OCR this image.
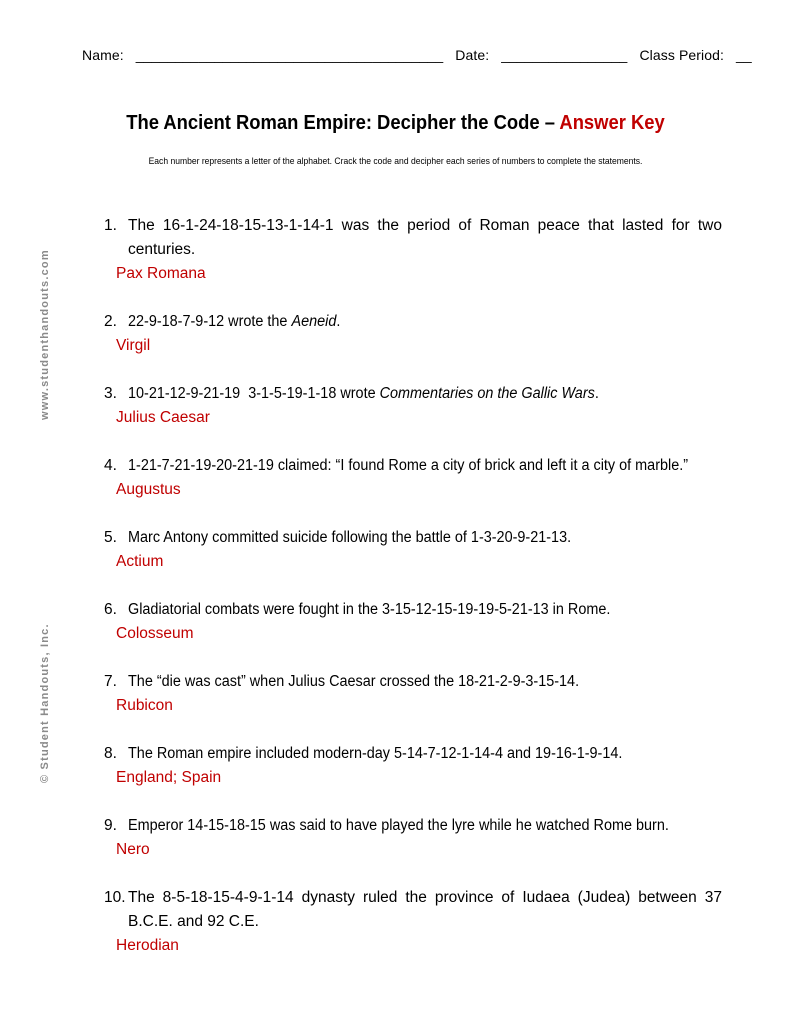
Name: _______________________________________ Date: ________________ Class Period: __
The Ancient Roman Empire: Decipher the Code – Answer Key
Each number represents a letter of the alphabet. Crack the code and decipher each series of numbers to complete the statements.
www.studenthandouts.com
© Student Handouts, Inc.
1. The 16-1-24-18-15-13-1-14-1 was the period of Roman peace that lasted for two centuries.
Pax Romana
2. 22-9-18-7-9-12 wrote the Aeneid.
Virgil
3. 10-21-12-9-21-19  3-1-5-19-1-18 wrote Commentaries on the Gallic Wars.
Julius Caesar
4. 1-21-7-21-19-20-21-19 claimed: “I found Rome a city of brick and left it a city of marble.”
Augustus
5. Marc Antony committed suicide following the battle of 1-3-20-9-21-13.
Actium
6. Gladiatorial combats were fought in the 3-15-12-15-19-19-5-21-13 in Rome.
Colosseum
7. The “die was cast” when Julius Caesar crossed the 18-21-2-9-3-15-14.
Rubicon
8. The Roman empire included modern-day 5-14-7-12-1-14-4 and 19-16-1-9-14.
England; Spain
9. Emperor 14-15-18-15 was said to have played the lyre while he watched Rome burn.
Nero
10. The 8-5-18-15-4-9-1-14 dynasty ruled the province of Iudaea (Judea) between 37 B.C.E. and 92 C.E.
Herodian
